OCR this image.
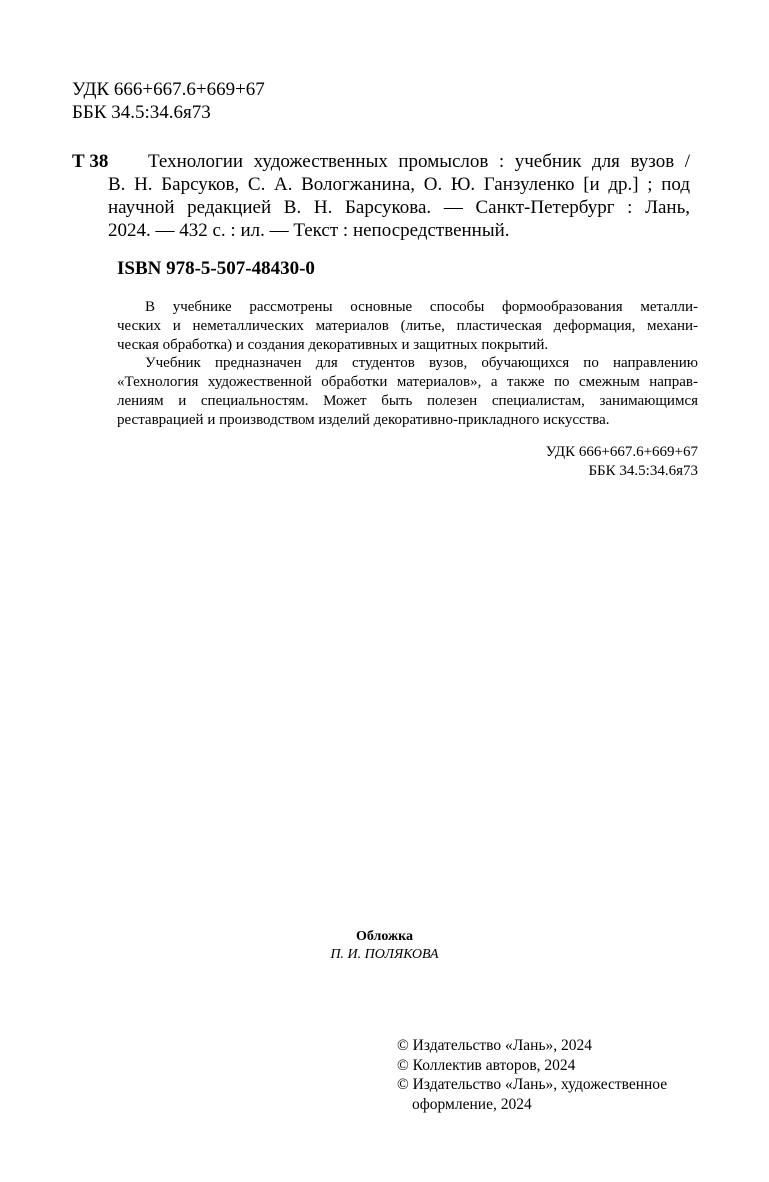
УДК 666+667.6+669+67
ББК 34.5:34.6я73
Т 38 Технологии художественных промыслов : учебник для вузов /
В. Н. Барсуков, С. А. Вологжанина, О. Ю. Ганзуленко [и др.] ; под
научной редакцией В. Н. Барсукова. — Санкт-Петербург : Лань,
2024. — 432 с. : ил. — Текст : непосредственный.
ISBN 978-5-507-48430-0
В учебнике рассмотрены основные способы формообразования металли-
ческих и неметаллических материалов (литье, пластическая деформация, механи-
ческая обработка) и создания декоративных и защитных покрытий.
Учебник предназначен для студентов вузов, обучающихся по направлению
«Технология художественной обработки материалов», а также по смежным направ-
лениям и специальностям. Может быть полезен специалистам, занимающимся
реставрацией и производством изделий декоративно-прикладного искусства.
УДК 666+667.6+669+67
ББК 34.5:34.6я73
Обложка
П. И. ПОЛЯКОВА
© Издательство «Лань», 2024
© Коллектив авторов, 2024
© Издательство «Лань», художественное
оформление, 2024
